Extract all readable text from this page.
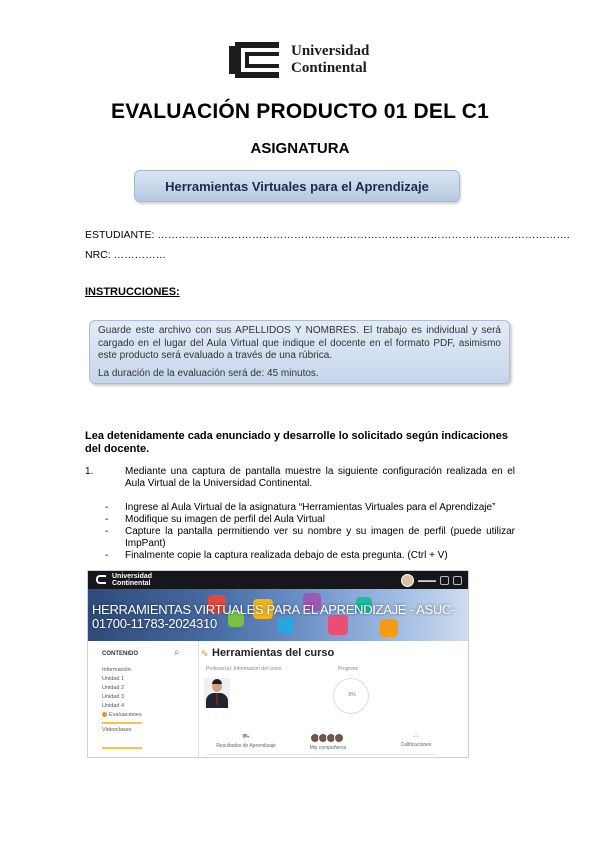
Universidad
Continental
EVALUACIÓN PRODUCTO 01 DEL C1
ASIGNATURA
Herramientas Virtuales para el Aprendizaje
ESTUDIANTE: ……………………………………………………………………………………………………….
NRC: ……………
INSTRUCCIONES:

Guarde este archivo con sus APELLIDOS Y NOMBRES. El trabajo es individual y será cargado en el lugar del Aula Virtual que indique el docente en el formato PDF, asimismo este producto será evaluado a través de una rúbrica.

La duración de la evaluación será de: 45 minutos.

Lea detenidamente cada enunciado y desarrolle lo solicitado según indicaciones del docente.
1.	Mediante una captura de pantalla muestre la siguiente configuración realizada en el Aula Virtual de la Universidad Continental.
-	Ingrese al Aula Virtual de la asignatura “Herramientas Virtuales para el Aprendizaje”
-	Modifique su imagen de perfil del Aula Virtual
-	Capture la pantalla permitiendo ver su nombre y su imagen de perfil (puede utilizar ImpPant)
-	Finalmente copie la captura realizada debajo de esta pregunta. (Ctrl + V)
Universidad
Continental	▬▬▬
HERRAMIENTAS VIRTUALES PARA EL APRENDIZAJE - ASUC-01700-11783-2024310
CONTENIDO	⌕
Información
Unidad 1
Unidad 2
Unidad 3
Unidad 4
Evaluaciones
Videoclases
✎ Herramientas del curso
Profesor(a): Información del curso	Progreso
0%
⛟
Resultados de Aprendizaje	Mis compañeros
⛬
Calificaciones
